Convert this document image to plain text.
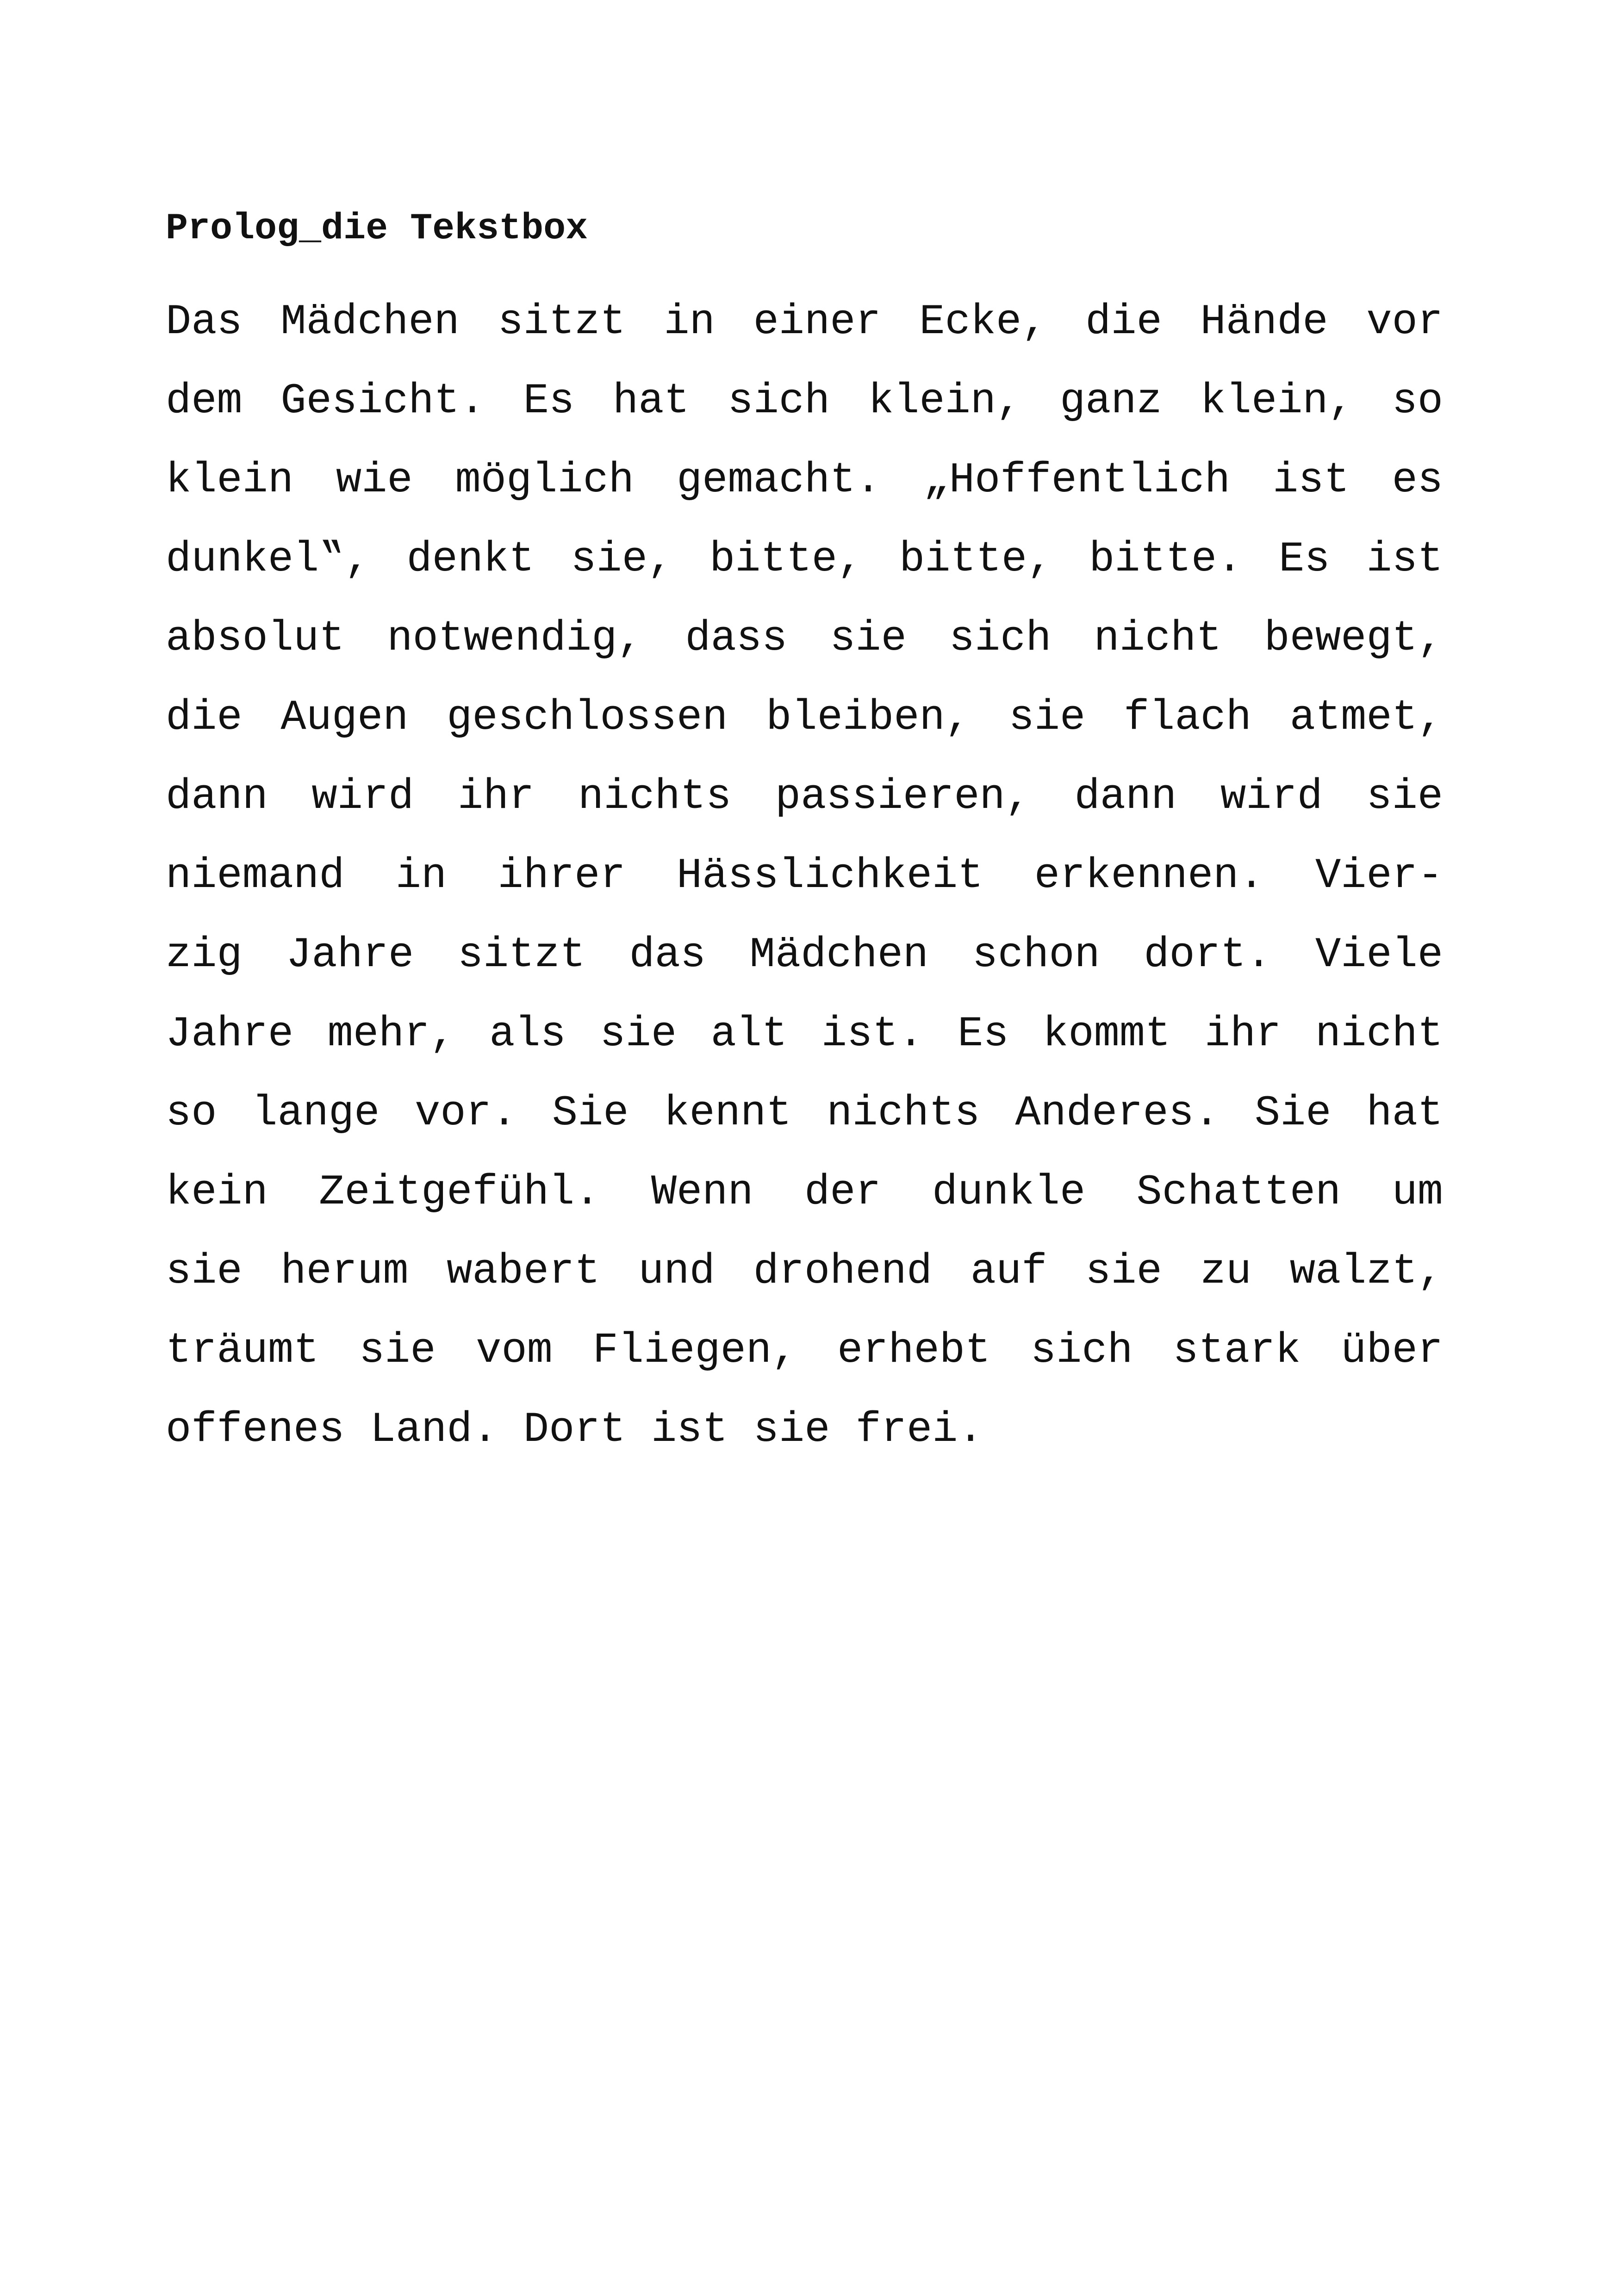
Prolog_die Tekstbox
Das Mädchen sitzt in einer Ecke, die Hände vor
dem Gesicht. Es hat sich klein, ganz klein, so
klein wie möglich gemacht. „Hoffentlich ist es
dunkel‟, denkt sie, bitte, bitte, bitte. Es ist
absolut notwendig, dass sie sich nicht bewegt,
die Augen geschlossen bleiben, sie flach atmet,
dann wird ihr nichts passieren, dann wird sie
niemand in ihrer Hässlichkeit erkennen. Vier-
zig Jahre sitzt das Mädchen schon dort. Viele
Jahre mehr, als sie alt ist. Es kommt ihr nicht
so lange vor. Sie kennt nichts Anderes. Sie hat
kein Zeitgefühl. Wenn der dunkle Schatten um
sie herum wabert und drohend auf sie zu walzt,
träumt sie vom Fliegen, erhebt sich stark über
offenes Land. Dort ist sie frei.
